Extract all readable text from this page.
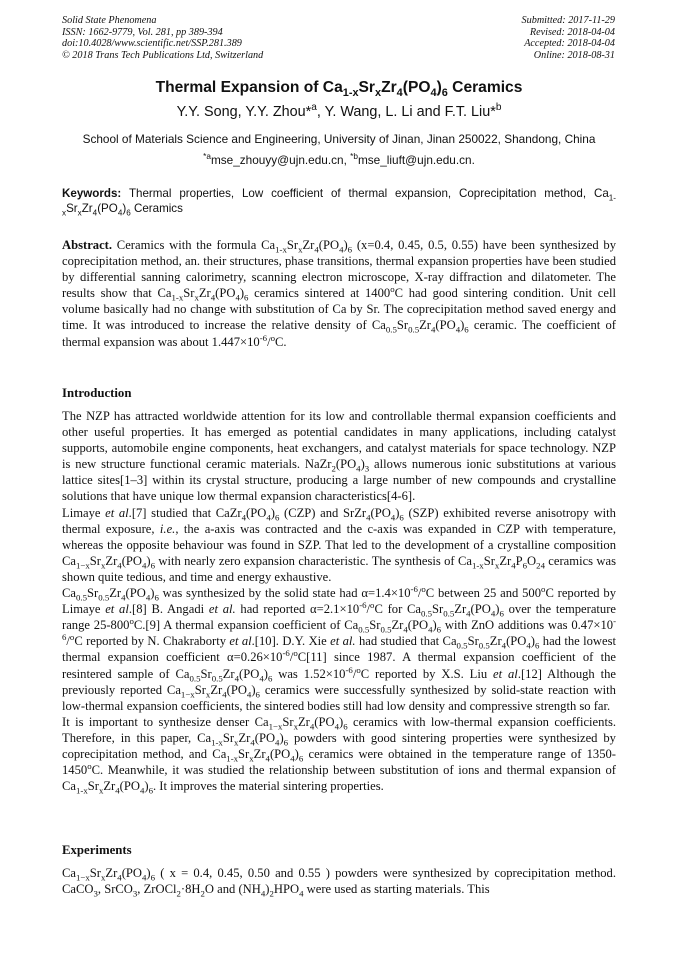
Solid State Phenomena
ISSN: 1662-9779, Vol. 281, pp 389-394
doi:10.4028/www.scientific.net/SSP.281.389
© 2018 Trans Tech Publications Ltd, Switzerland
Submitted: 2017-11-29
Revised: 2018-04-04
Accepted: 2018-04-04
Online: 2018-08-31
Thermal Expansion of $Ca_{1-x}Sr_xZr_4(PO_4)_6$ Ceramics
Y.Y. Song, Y.Y. Zhou*$^a$, Y. Wang, L. Li and F.T. Liu*$^b$
School of Materials Science and Engineering, University of Jinan, Jinan 250022, Shandong, China
$^{*a}$mse_zhouyy@ujn.edu.cn, $^{*b}$mse_liuft@ujn.edu.cn.
Keywords: Thermal properties, Low coefficient of thermal expansion, Coprecipitation method, $Ca_{1-x}Sr_xZr_4(PO_4)_6$ Ceramics

Abstract. Ceramics with the formula $Ca_{1-x}Sr_xZr_4(PO_4)_6$ (x=0.4, 0.45, 0.5, 0.55) have been synthesized by coprecipitation method, an. their structures, phase transitions, thermal expansion properties have been studied by differential sanning calorimetry, scanning electron microscope, X-ray diffraction and dilatometer. The results show that $Ca_{1-x}Sr_xZr_4(PO_4)_6$ ceramics sintered at 1400$^o$C had good sintering condition. Unit cell volume basically had no change with substitution of Ca by Sr. The coprecipitation method saved energy and time. It was introduced to increase the relative density of $Ca_{0.5}Sr_{0.5}Zr_4(PO_4)_6$ ceramic. The coefficient of thermal expansion was about $1.447\times 10^{-6}/^oC$.

Introduction

The NZP has attracted worldwide attention for its low and controllable thermal expansion coefficients and other useful properties. It has emerged as potential candidates in many applications, including catalyst supports, automobile engine components, heat exchangers, and catalyst materials for space technology. NZP is new structure functional ceramic materials. $NaZr_2(PO_4)_3$ allows numerous ionic substitutions at various lattice sites[1–3] within its crystal structure, producing a large number of new compounds and crystalline solutions that have unique low thermal expansion characteristics[4-6].

Limaye et al.[7] studied that $CaZr_4(PO_4)_6$ (CZP) and $SrZr_4(PO_4)_6$ (SZP) exhibited reverse anisotropy with thermal exposure, i.e., the a-axis was contracted and the c-axis was expanded in CZP with temperature, whereas the opposite behaviour was found in SZP. That led to the development of a crystalline composition $Ca_{1-x}Sr_xZr_4(PO_4)_6$ with nearly zero expansion characteristic. The synthesis of $Ca_{1-x}Sr_xZr_4P_6O_{24}$ ceramics was shown quite tedious, and time and energy exhaustive.

$Ca_{0.5}Sr_{0.5}Zr_4(PO_4)_6$ was synthesized by the solid state had $\alpha=1.4\times 10^{-6}/^oC$ between 25 and 500$^o$C reported by Limaye et al.[8] B. Angadi et al. had reported $\alpha=2.1\times 10^{-6}/^oC$ for $Ca_{0.5}Sr_{0.5}Zr_4(PO_4)_6$ over the temperature range 25-800$^o$C.[9] A thermal expansion coefficient of $Ca_{0.5}Sr_{0.5}Zr_4(PO_4)_6$ with ZnO additions was $0.47\times 10^{-6}/^oC$ reported by N. Chakraborty et al.[10]. D.Y. Xie et al. had studied that $Ca_{0.5}Sr_{0.5}Zr_4(PO_4)_6$ had the lowest thermal expansion coefficient $\alpha=0.26\times 10^{-6}/^oC[11]$ since 1987. A thermal expansion coefficient of the resintered sample of $Ca_{0.5}Sr_{0.5}Zr_4(PO_4)_6$ was $1.52\times 10^{-6}/^oC$ reported by X.S. Liu et al.[12] Although the previously reported $Ca_{1-x}Sr_xZr_4(PO_4)_6$ ceramics were successfully synthesized by solid-state reaction with low-thermal expansion coefficients, the sintered bodies still had low density and compressive strength so far.

It is important to synthesize denser $Ca_{1-x}Sr_xZr_4(PO_4)_6$ ceramics with low-thermal expansion coefficients. Therefore, in this paper, $Ca_{1-x}Sr_xZr_4(PO_4)_6$ powders with good sintering properties were synthesized by coprecipitation method, and $Ca_{1-x}Sr_xZr_4(PO_4)_6$ ceramics were obtained in the temperature range of 1350-1450$^o$C. Meanwhile, it was studied the relationship between substitution of ions and thermal expansion of $Ca_{1-x}Sr_xZr_4(PO_4)_6$. It improves the material sintering properties.

Experiments

$Ca_{1-x}Sr_xZr_4(PO_4)_6$ ( x = 0.4, 0.45, 0.50 and 0.55 ) powders were synthesized by coprecipitation method. CaCO$_3$, SrCO$_3$, $ZrOCl_2\cdot 8H_2O$ and $(NH_4)_2HPO_4$ were used as starting materials. This
